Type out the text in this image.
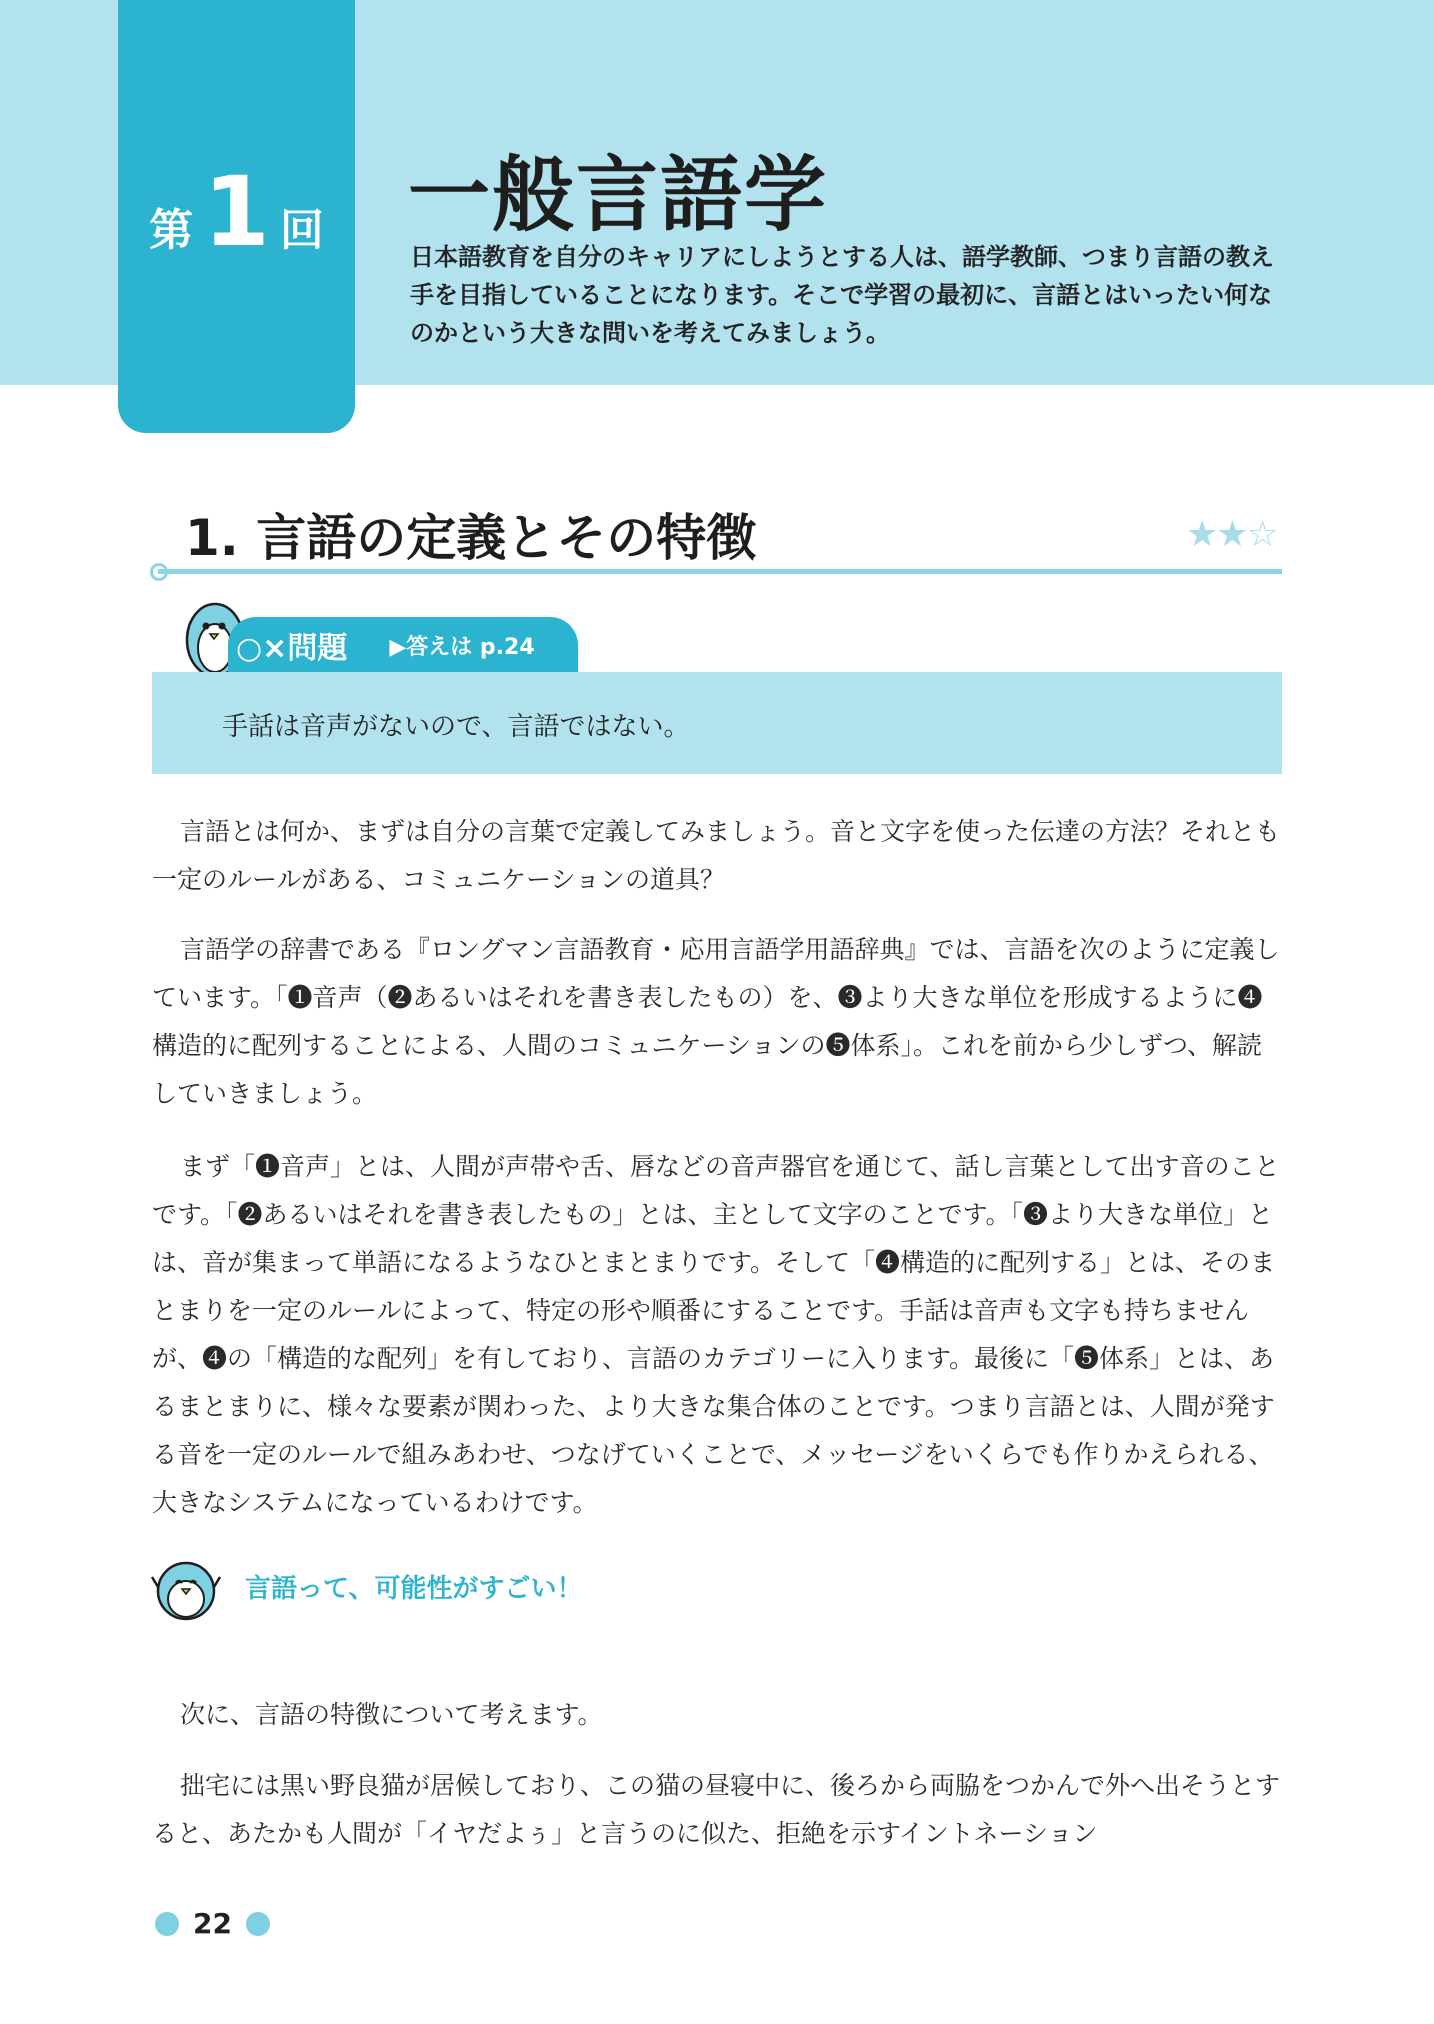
第 1 回 一般言語学
日本語教育を自分のキャリアにしようとする人は、語学教師、つまり言語の教え手を目指していることになります。そこで学習の最初に、言語とはいったい何なのかという大きな問いを考えてみましょう。
1. 言語の定義とその特徴	★★☆
○×問題 ▶答えは p.24
手話は音声がないので、言語ではない。

言語とは何か、まずは自分の言葉で定義してみましょう。音と文字を使った伝達の方法？それとも一定のルールがある、コミュニケーションの道具？

言語学の辞書である『ロングマン言語教育・応用言語学用語辞典』では、言語を次のように定義しています。「❶音声（❷あるいはそれを書き表したもの）を、❸より大きな単位を形成するように❹構造的に配列することによる、人間のコミュニケーションの❺体系」。これを前から少しずつ、解読していきましょう。

まず「❶音声」とは、人間が声帯や舌、唇などの音声器官を通じて、話し言葉として出す音のことです。「❷あるいはそれを書き表したもの」とは、主として文字のことです。「❸より大きな単位」とは、音が集まって単語になるようなひとまとまりです。そして「❹構造的に配列する」とは、そのまとまりを一定のルールによって、特定の形や順番にすることです。手話は音声も文字も持ちませんが、❹の「構造的な配列」を有しており、言語のカテゴリーに入ります。最後に「❺体系」とは、あるまとまりに、様々な要素が関わった、より大きな集合体のことです。つまり言語とは、人間が発する音を一定のルールで組みあわせ、つなげていくことで、メッセージをいくらでも作りかえられる、大きなシステムになっているわけです。

言語って、可能性がすごい！

次に、言語の特徴について考えます。

拙宅には黒い野良猫が居候しており、この猫の昼寝中に、後ろから両脇をつかんで外へ出そうとすると、あたかも人間が「イヤだよぅ」と言うのに似た、拒絶を示すイントネーション

22
